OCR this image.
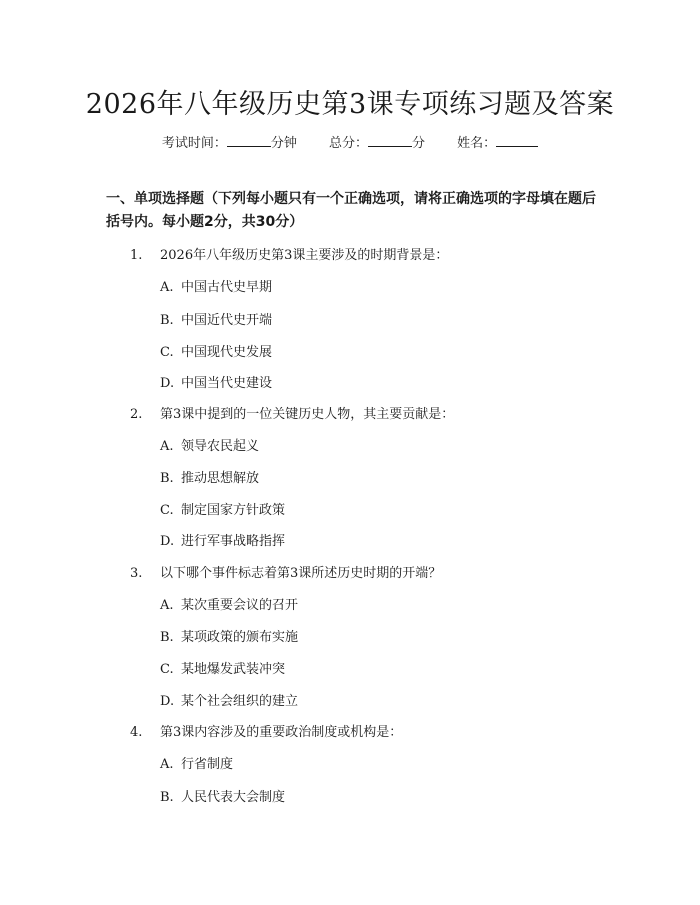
2026年八年级历史第3课专项练习题及答案
考试时间：	分钟 总分：	分 姓名：
一、单项选择题（下列每小题只有一个正确选项，请将正确选项的字母填在题后括号内。每小题2分，共30分）
1. 2026年八年级历史第3课主要涉及的时期背景是：
A. 中国古代史早期
B. 中国近代史开端
C. 中国现代史发展
D. 中国当代史建设
2. 第3课中提到的一位关键历史人物，其主要贡献是：
A. 领导农民起义
B. 推动思想解放
C. 制定国家方针政策
D. 进行军事战略指挥
3. 以下哪个事件标志着第3课所述历史时期的开端？
A. 某次重要会议的召开
B. 某项政策的颁布实施
C. 某地爆发武装冲突
D. 某个社会组织的建立
4. 第3课内容涉及的重要政治制度或机构是：
A. 行省制度
B. 人民代表大会制度
